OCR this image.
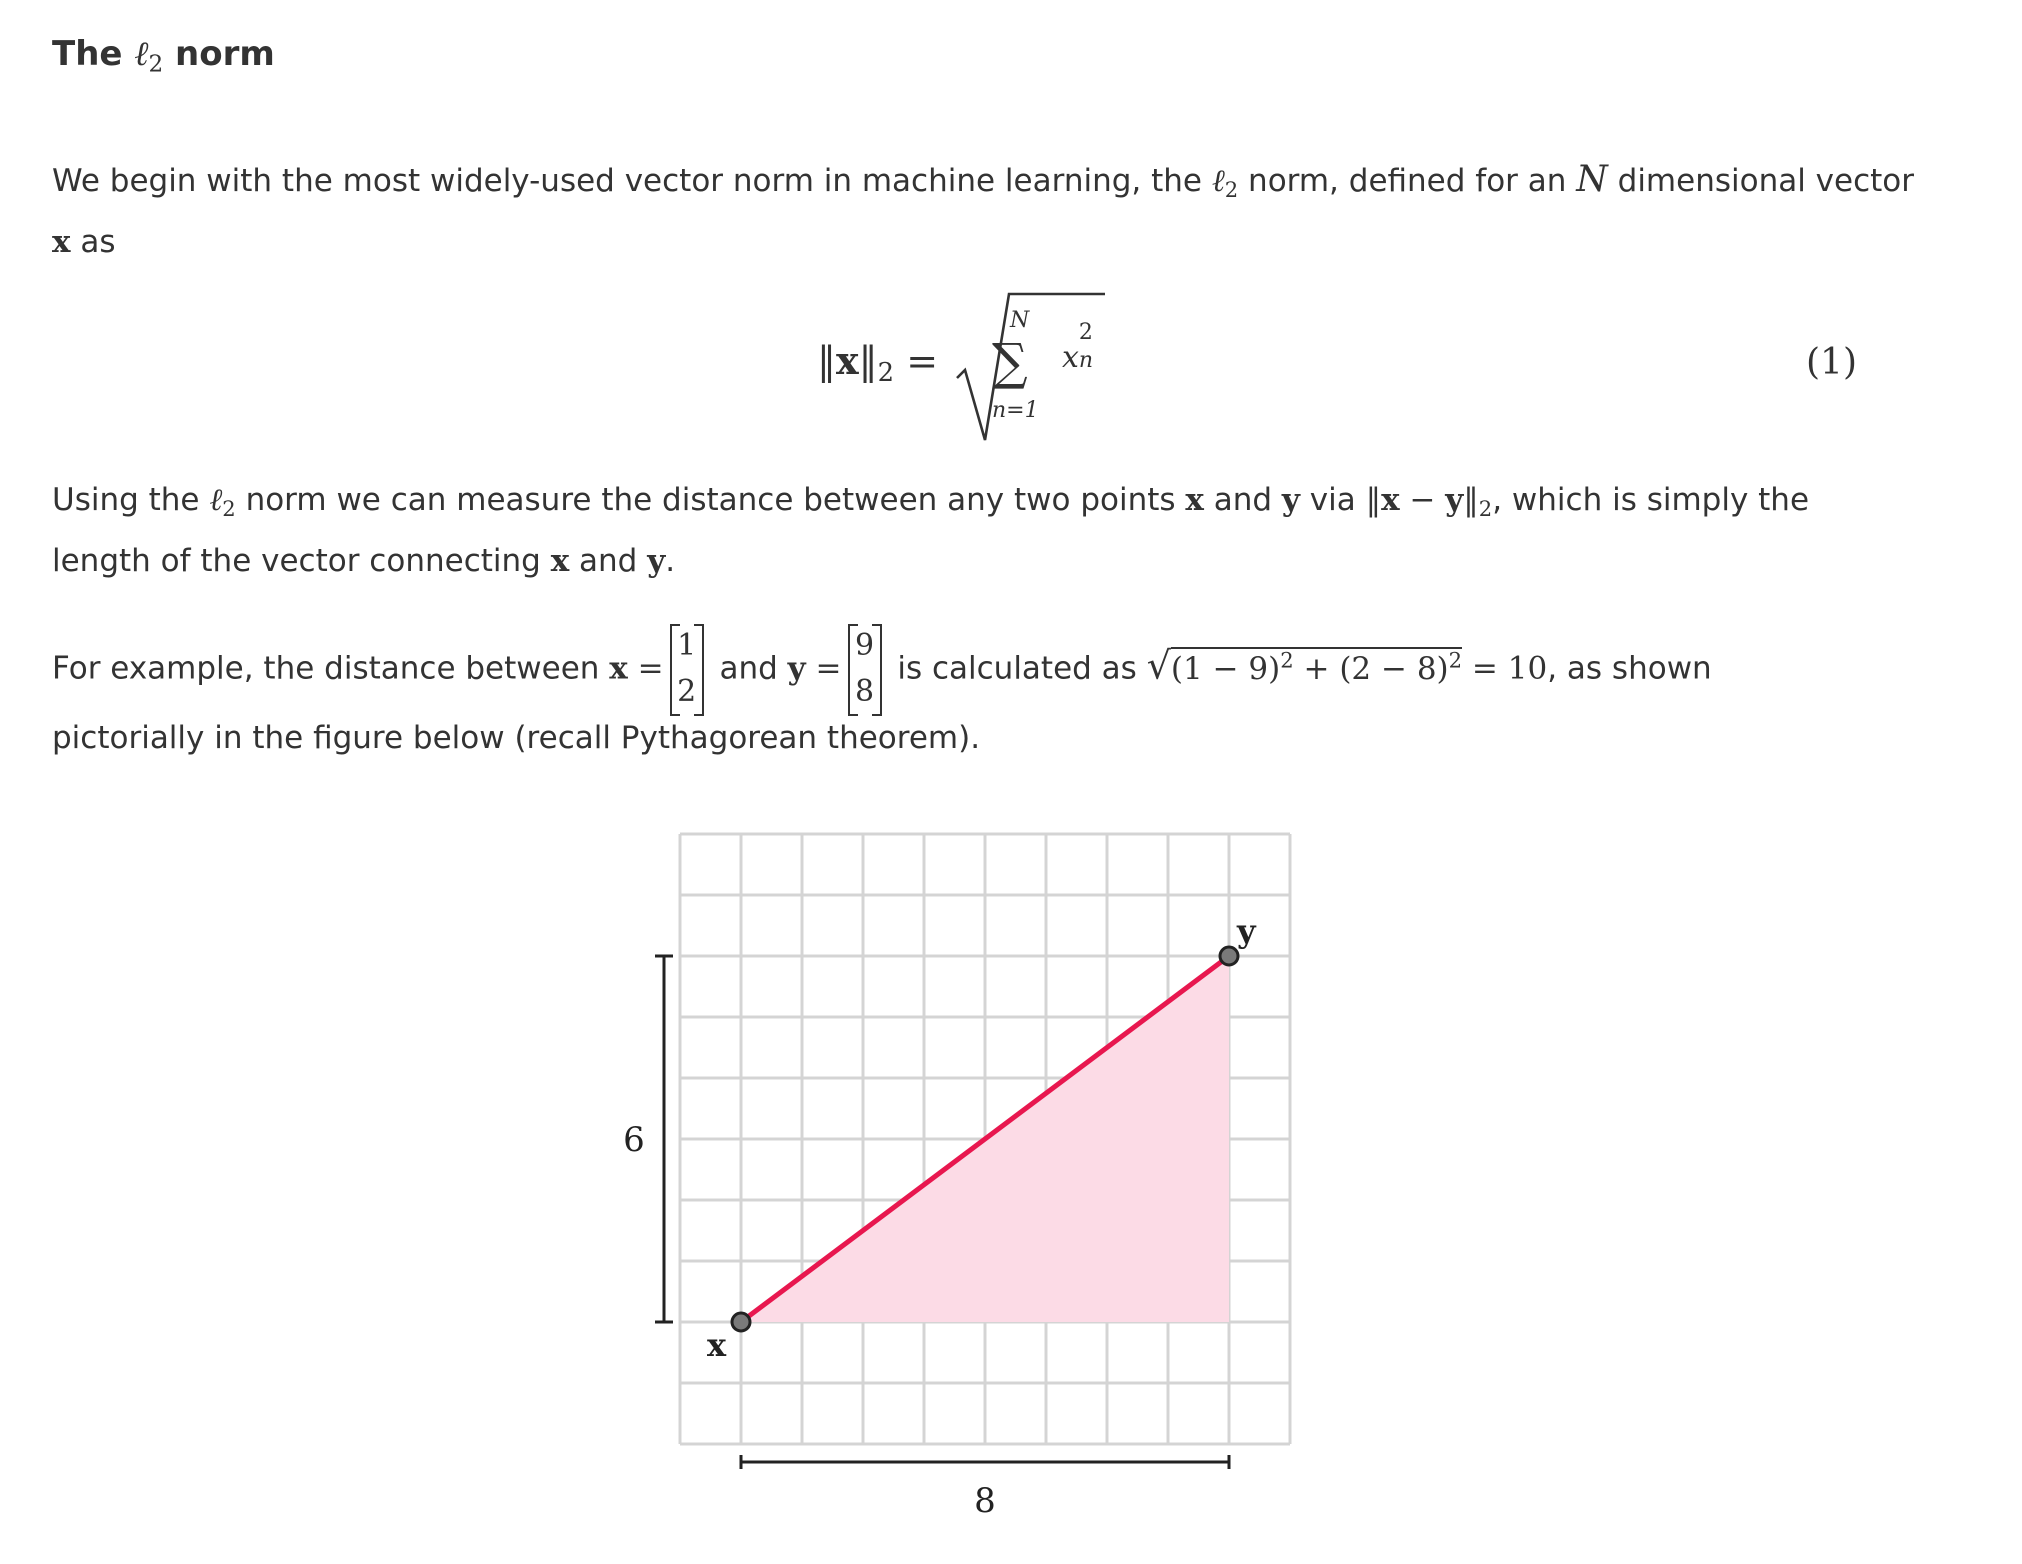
The ℓ$_2$ norm
We begin with the most widely-used vector norm in machine learning, the ℓ$_2$ norm, defined for an N dimensional vector
x as
$‖x‖_2$ =
N
∑ x
2
n
n=1
(1)
Using the ℓ$_2$ norm we can measure the distance between any two points x and y via ‖x − $y‖_2$, which is simply the
length of the vector connecting x and y.
For example, the distance between x =
1
2
and y =
9
8
is calculated as $√(1 - 9)^2 + (2 - 8)^2 = 10$, as shown
pictorially in the figure below (recall Pythagorean theorem).
x
y
6
8
